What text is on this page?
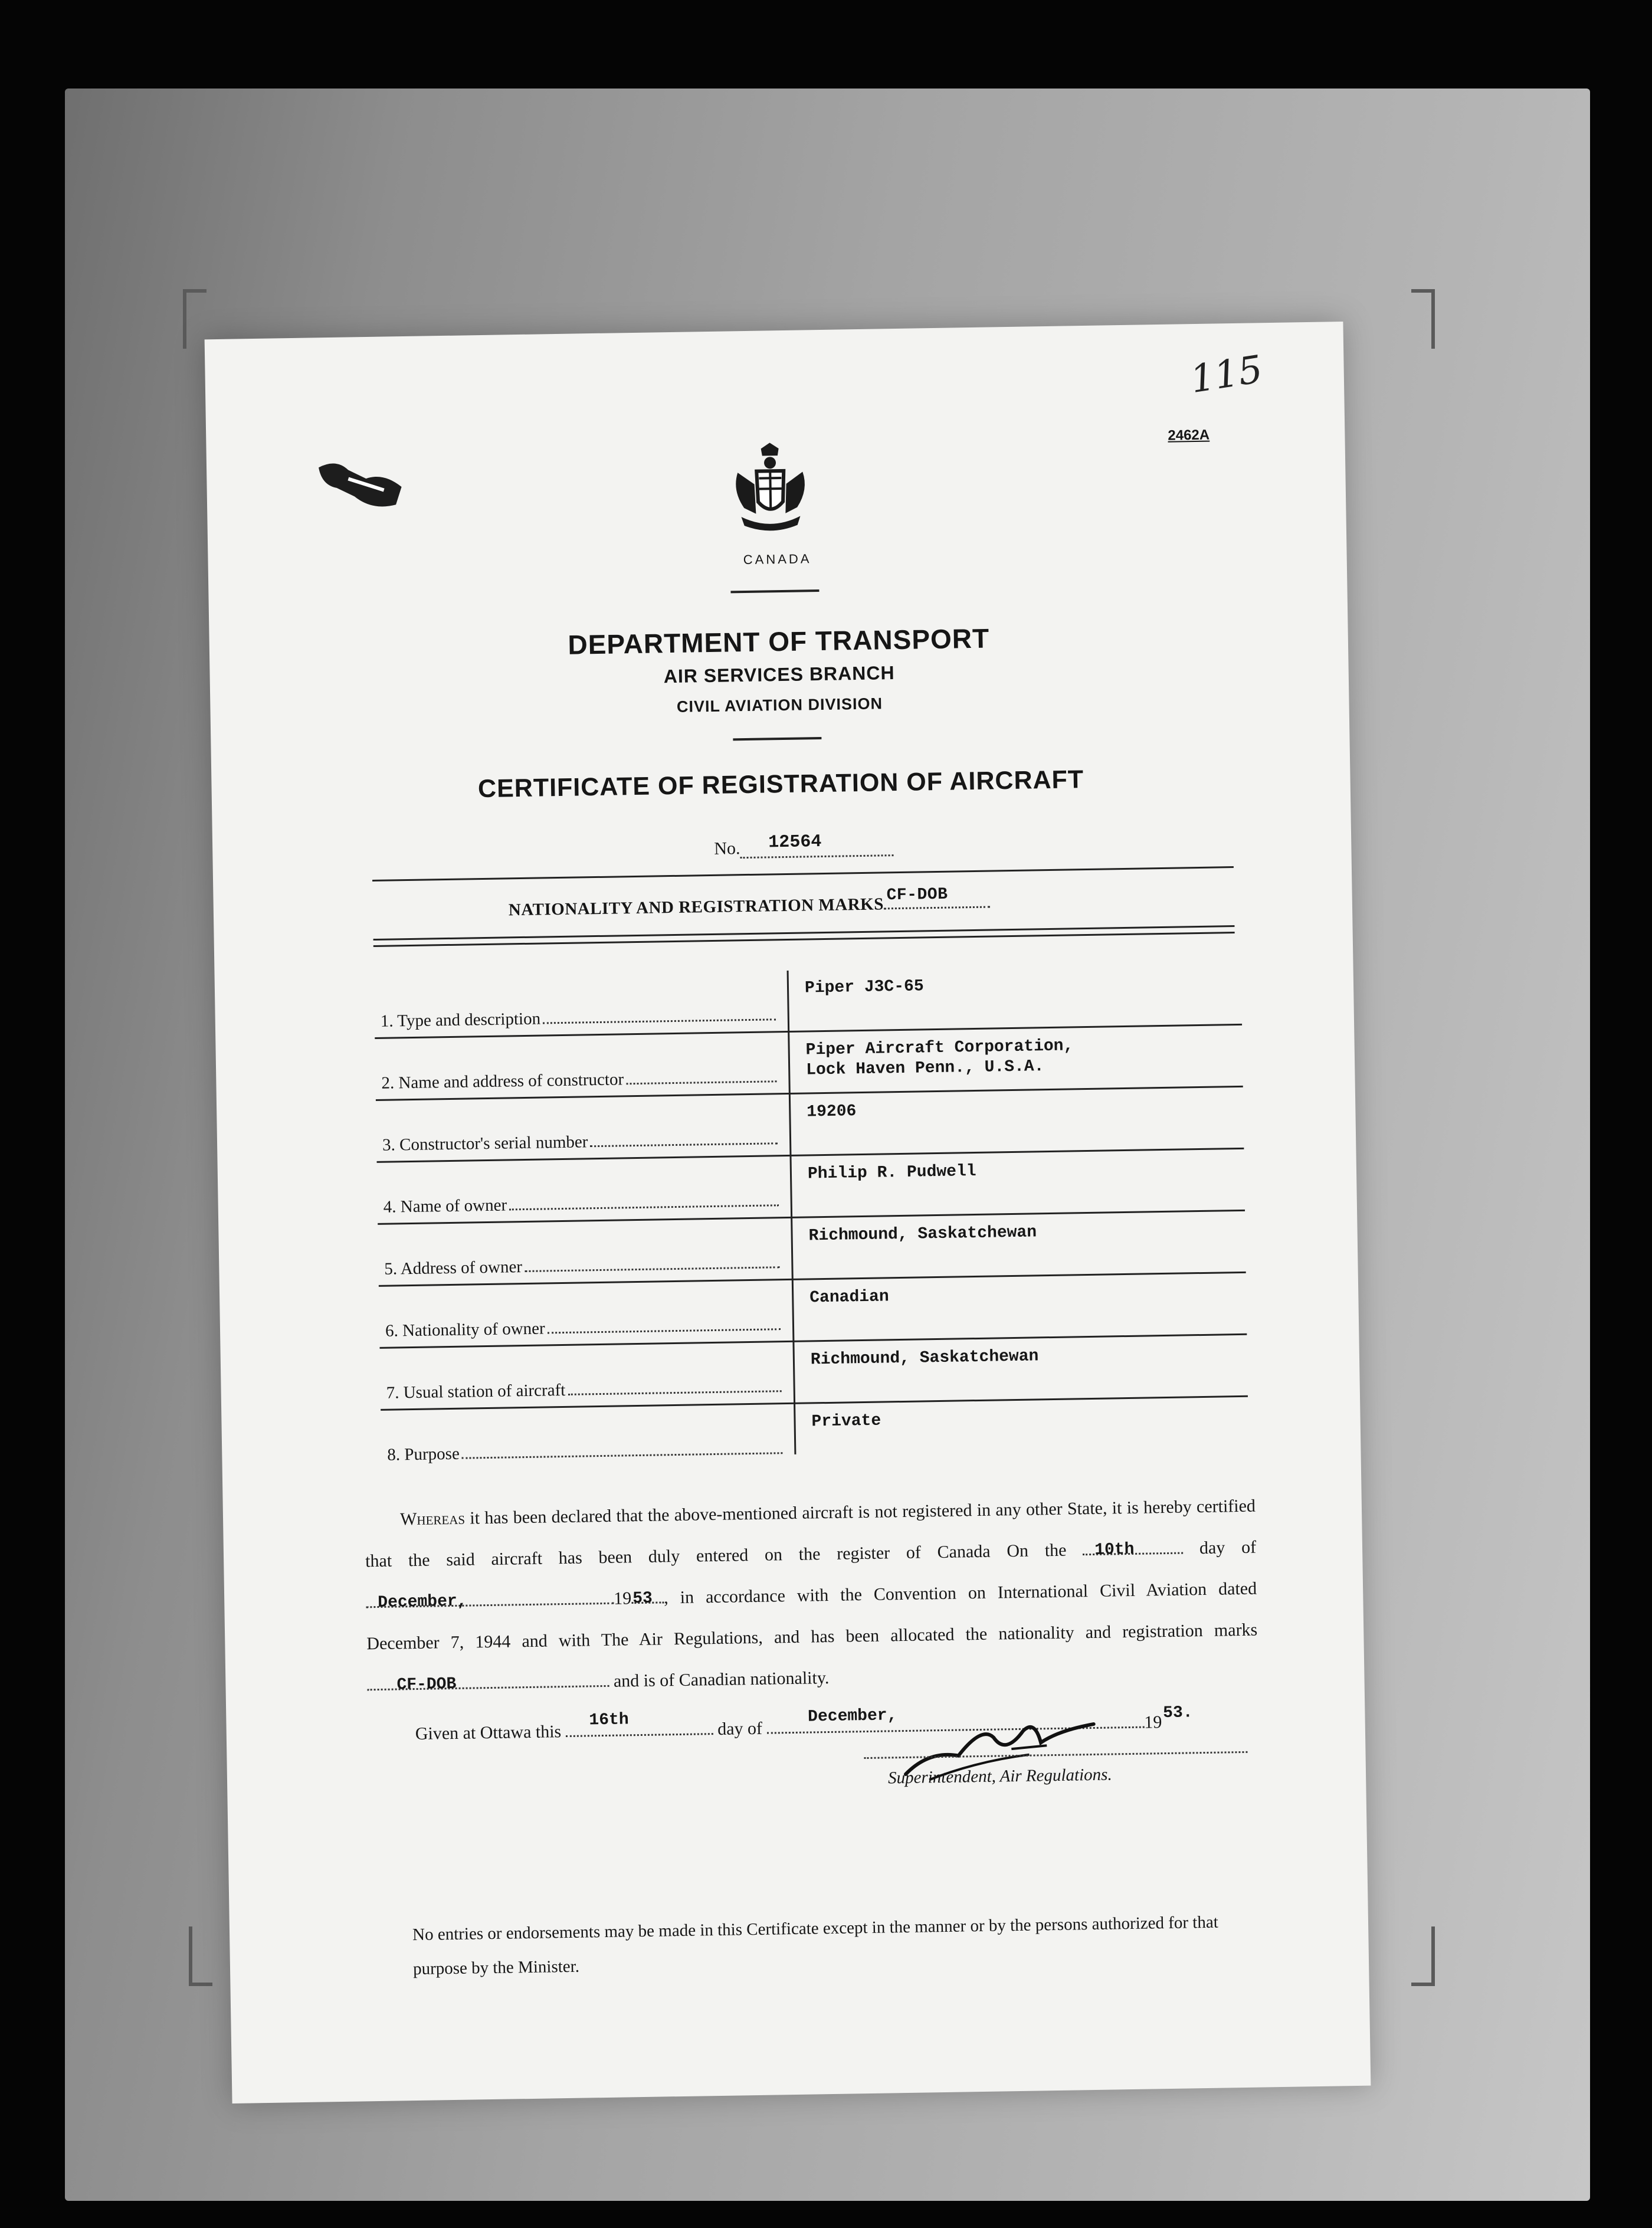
115
2462A
CANADA
DEPARTMENT OF TRANSPORT
AIR SERVICES BRANCH
CIVIL AVIATION DIVISION
CERTIFICATE OF REGISTRATION OF AIRCRAFT
No. 12564
NATIONALITY AND REGISTRATION MARKS CF-DOB
1. Type and description
Piper J3C-65
2. Name and address of constructor
Piper Aircraft Corporation,
Lock Haven Penn., U.S.A.
3. Constructor's serial number
19206
4. Name of owner
Philip R. Pudwell
5. Address of owner
Richmound, Saskatchewan
6. Nationality of owner
Canadian
7. Usual station of aircraft
Richmound, Saskatchewan
8. Purpose
Private

Whereas it has been declared that the above-mentioned aircraft is not registered in any other State, it is hereby certified that the said aircraft has been duly entered on the register of Canada On the 10th	day of
December,	19 53 , in accordance with the Convention on International Civil Aviation dated December 7, 1944 and with The Air Regulations, and has been allocated the nationality and registration marks
CF-DOB	and is of Canadian nationality.

Given at Ottawa this
16th	day of
December,	19 53.
Superintendent, Air Regulations.
No entries or endorsements may be made in this Certificate except in the manner or by the persons authorized for that purpose by the Minister.
